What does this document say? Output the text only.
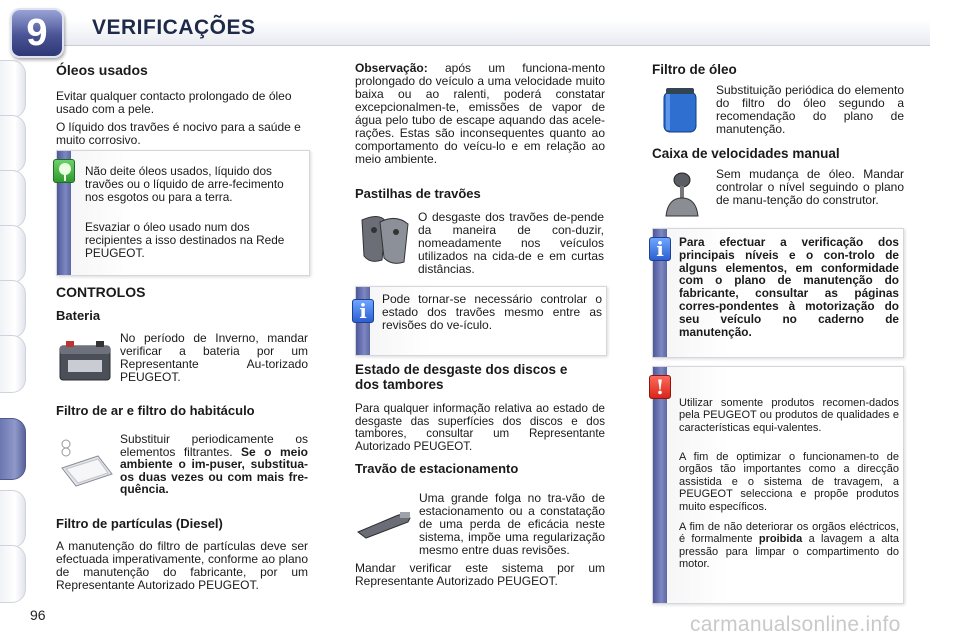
9	VERIFICAÇÕES
Óleos usados
Evitar qualquer contacto prolongado de óleo usado com a pele.
O líquido dos travões é nocivo para a saúde e muito corrosivo.
Não deite óleos usados, líquido dos travões ou o líquido de arre-fecimento nos esgotos ou para a terra.
Esvaziar o óleo usado num dos recipientes a isso destinados na Rede PEUGEOT.
CONTROLOS
Bateria
No período de Inverno, mandar verificar a bateria por um Representante Au-torizado PEUGEOT.
Filtro de ar e filtro do habitáculo
Substituir periodicamente os elementos filtrantes. Se o meio ambiente o im-puser, substitua-os duas vezes ou com mais fre-quência.
Filtro de partículas (Diesel)
A manutenção do filtro de partículas deve ser efectuada imperativamente, conforme ao plano de manutenção do fabricante, por um Representante Autorizado PEUGEOT.
96
Observação: após um funciona-mento prolongado do veículo a uma velocidade muito baixa ou ao ralenti, poderá constatar excepcionalmen-te, emissões de vapor de água pelo tubo de escape aquando das acele-rações. Estas são inconsequentes quanto ao comportamento do veícu-lo e em relação ao meio ambiente.
Pastilhas de travões
O desgaste dos travões de-pende da maneira de con-duzir, nomeadamente nos veículos utilizados na cida-de e em curtas distâncias.
i	Pode tornar-se necessário controlar o estado dos travões mesmo entre as revisões do ve-ículo.
Estado de desgaste dos discos e dos tambores
Para qualquer informação relativa ao estado de desgaste das superfícies dos discos e dos tambores, consultar um Representante Autorizado PEUGEOT.
Travão de estacionamento
Uma grande folga no tra-vão de estacionamento ou a constatação de uma perda de eficácia neste sistema, impõe uma regularização mesmo entre duas revisões.
Mandar verificar este sistema por um Representante Autorizado PEUGEOT.
Filtro de óleo
Substituição periódica do elemento do filtro do óleo segundo a recomendação do plano de manutenção.
Caixa de velocidades manual
Sem mudança de óleo. Mandar controlar o nível seguindo o plano de manu-tenção do construtor.
i	Para efectuar a verificação dos principais níveis e o con-trolo de alguns elementos, em conformidade com o plano de manutenção do fabricante, consultar as páginas corres-pondentes à motorização do seu veículo no caderno de manutenção.
!
Utilizar somente produtos recomen-dados pela PEUGEOT ou produtos de qualidades e características equi-valentes.
A fim de optimizar o funcionamen-to de orgãos tão importantes como a direcção assistida e o sistema de travagem, a PEUGEOT selecciona e propõe produtos muito específicos.
A fim de não deteriorar os orgãos eléctricos, é formalmente proibida a lavagem a alta pressão para limpar o compartimento do motor.
carmanualsonline.info
